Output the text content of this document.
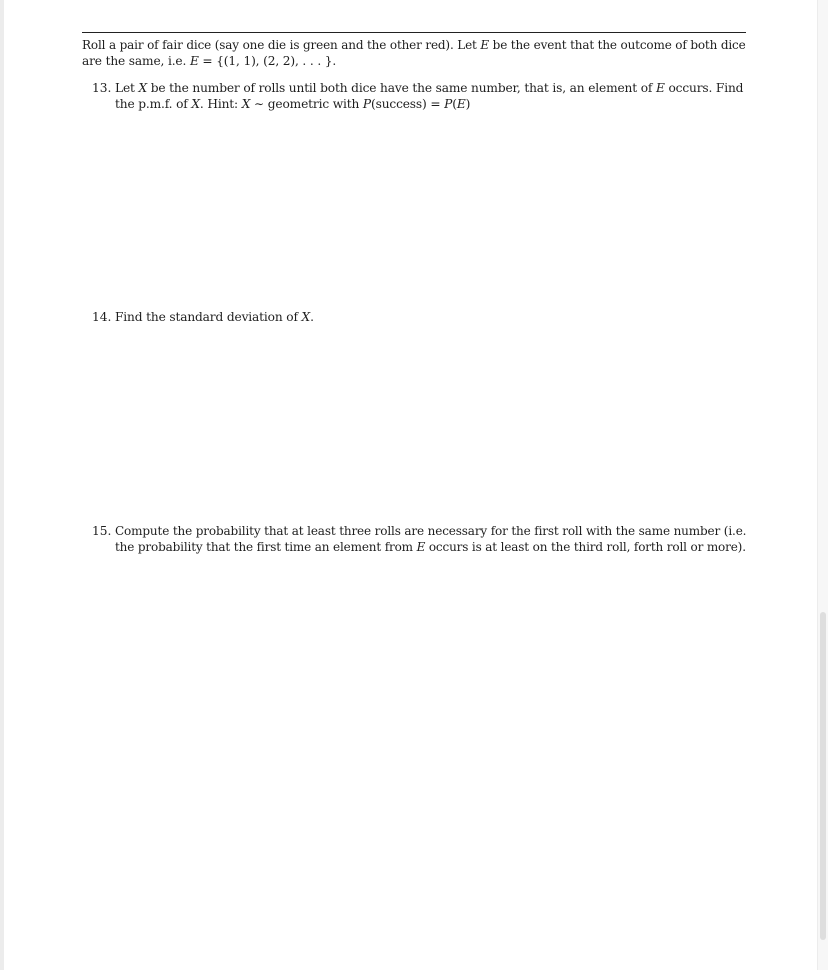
Roll a pair of fair dice (say one die is green and the other red). Let E be the event that the outcome of both dice
are the same, i.e. E = {(1, 1), (2, 2), . . . }.
13. Let X be the number of rolls until both dice have the same number, that is, an element of E occurs. Find
the p.m.f. of X. Hint: X ∼ geometric with P(success) = P(E)
14. Find the standard deviation of X.
15. Compute the probability that at least three rolls are necessary for the first roll with the same number (i.e.
the probability that the first time an element from E occurs is at least on the third roll, forth roll or more).
